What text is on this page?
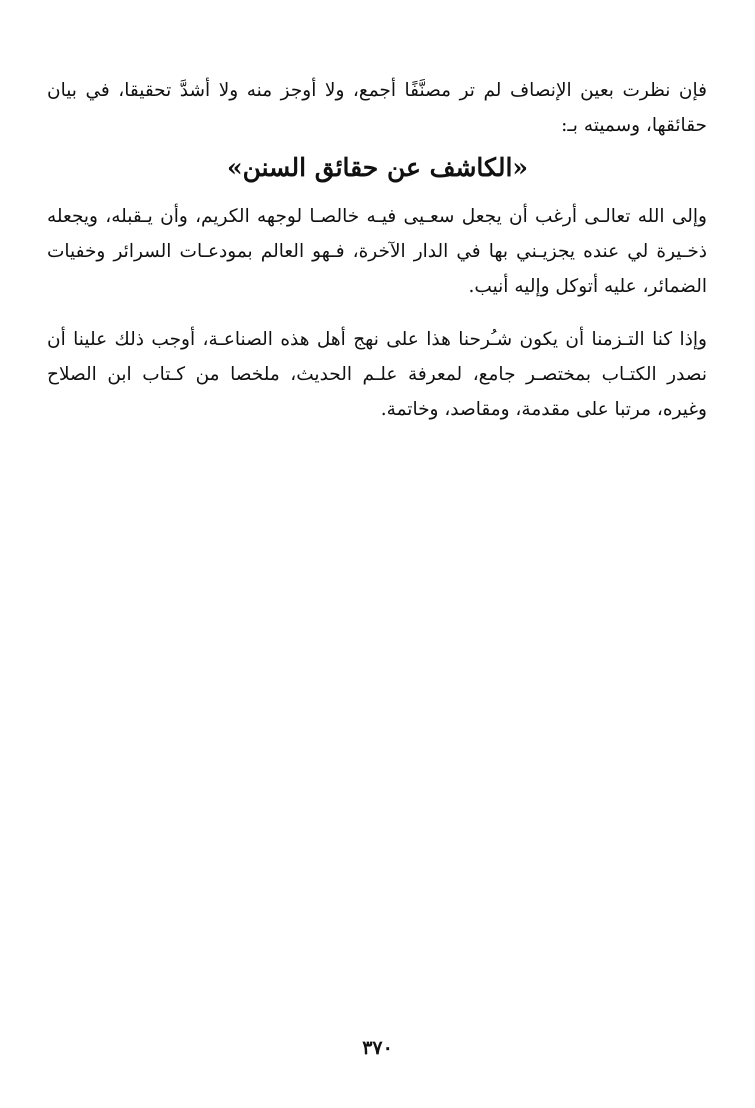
فإن نظرت بعين الإنصاف لم تر مصنَّفًا أجمع، ولا أوجز منه ولا أشدَّ تحقيقا، في بيان حقائقها، وسميته بـ:

«الكاشف عن حقائق السنن»

وإلى الله تعالـى أرغب أن يجعل سعـيى فيـه خالصـا لوجهه الكريم، وأن يـقبله، ويجعله ذخـيرة لي عنده يجزيـني بها في الدار الآخرة، فـهو العالم بمودعـات السرائر وخفيات الضمائر، عليه أتوكل وإليه أنيب.

وإذا كنا التـزمنا أن يكون شـُرحنا هذا على نهج أهل هذه الصناعـة، أوجب ذلك علينا أن نصدر الكتـاب بمختصـر جامع، لمعرفة علـم الحديث، ملخصا من كـتاب ابن الصلاح وغيره، مرتبا على مقدمة، ومقاصد، وخاتمة.

٣٧٠
